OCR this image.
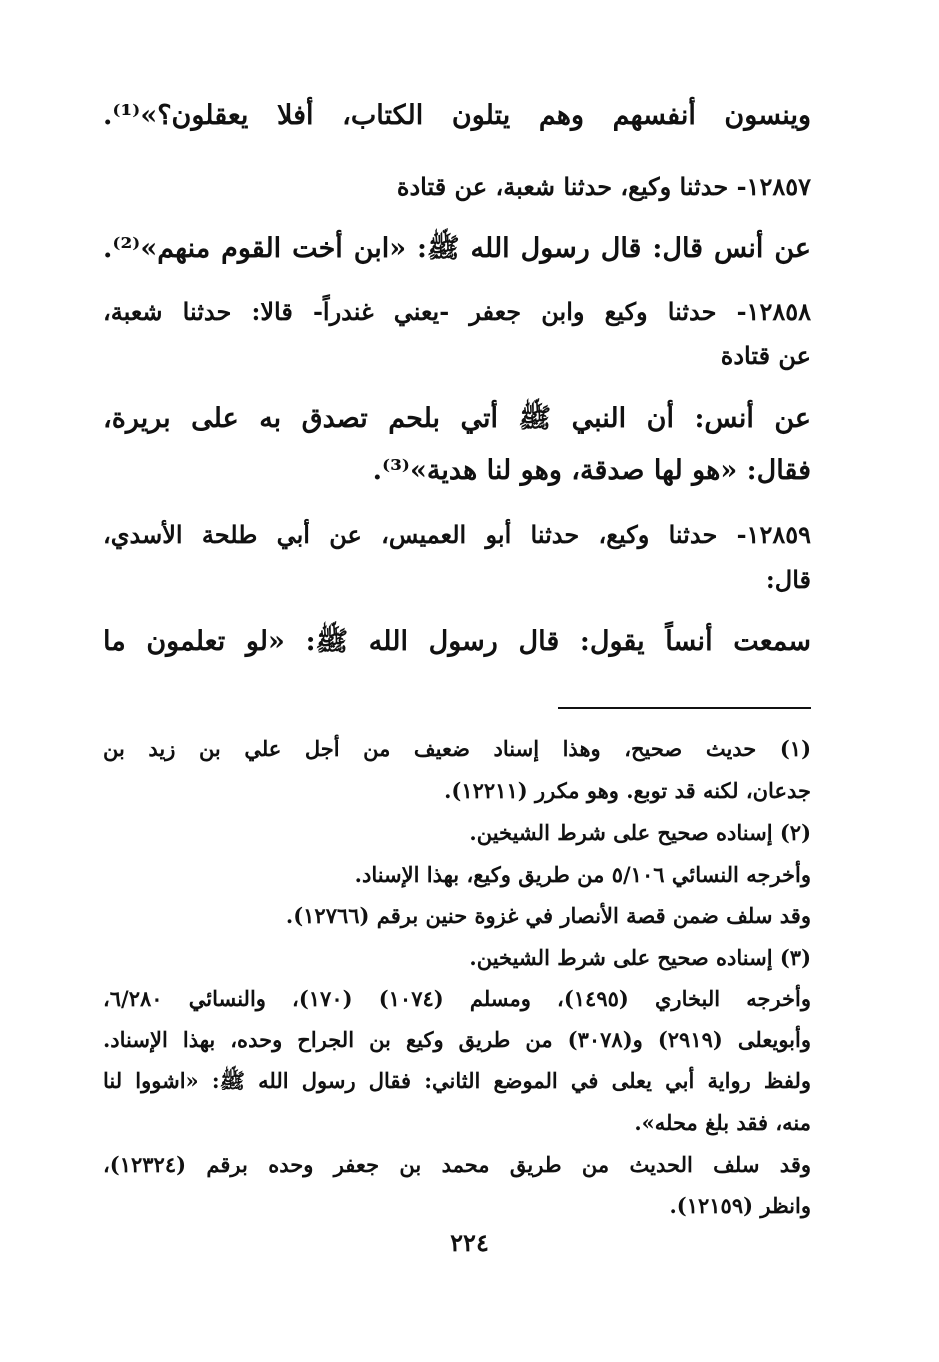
وينسون أنفسهم وهم يتلون الكتاب، أفلا يعقلون؟»⁽¹⁾.
١٢٨٥٧- حدثنا وكيع، حدثنا شعبة، عن قتادة
عن أنس قال: قال رسول الله ﷺ: «ابن أخت القوم منهم»⁽²⁾.
١٢٨٥٨- حدثنا وكيع وابن جعفر -يعني غندراً- قالا: حدثنا شعبة،
عن قتادة
عن أنس: أن النبي ﷺ أتي بلحم تصدق به على بريرة،
فقال: «هو لها صدقة، وهو لنا هدية»⁽³⁾.
١٢٨٥٩- حدثنا وكيع، حدثنا أبو العميس، عن أبي طلحة الأسدي،
قال:
سمعت أنساً يقول: قال رسول الله ﷺ: «لو تعلمون ما
(١) حديث صحيح، وهذا إسناد ضعيف من أجل علي بن زيد بن
جدعان، لكنه قد توبع. وهو مكرر (١٢٢١١).
(٢) إسناده صحيح على شرط الشيخين.
وأخرجه النسائي ٥/١٠٦ من طريق وكيع، بهذا الإسناد.
وقد سلف ضمن قصة الأنصار في غزوة حنين برقم (١٢٧٦٦).
(٣) إسناده صحيح على شرط الشيخين.
وأخرجه البخاري (١٤٩٥)، ومسلم (١٠٧٤) (١٧٠)، والنسائي ٦/٢٨٠،
وأبويعلى (٢٩١٩) و(٣٠٧٨) من طريق وكيع بن الجراح وحده، بهذا الإسناد.
ولفظ رواية أبي يعلى في الموضع الثاني: فقال رسول الله ﷺ: «اشووا لنا
منه، فقد بلغ محله».
وقد سلف الحديث من طريق محمد بن جعفر وحده برقم (١٢٣٢٤)،
وانظر (١٢١٥٩).
٢٢٤
